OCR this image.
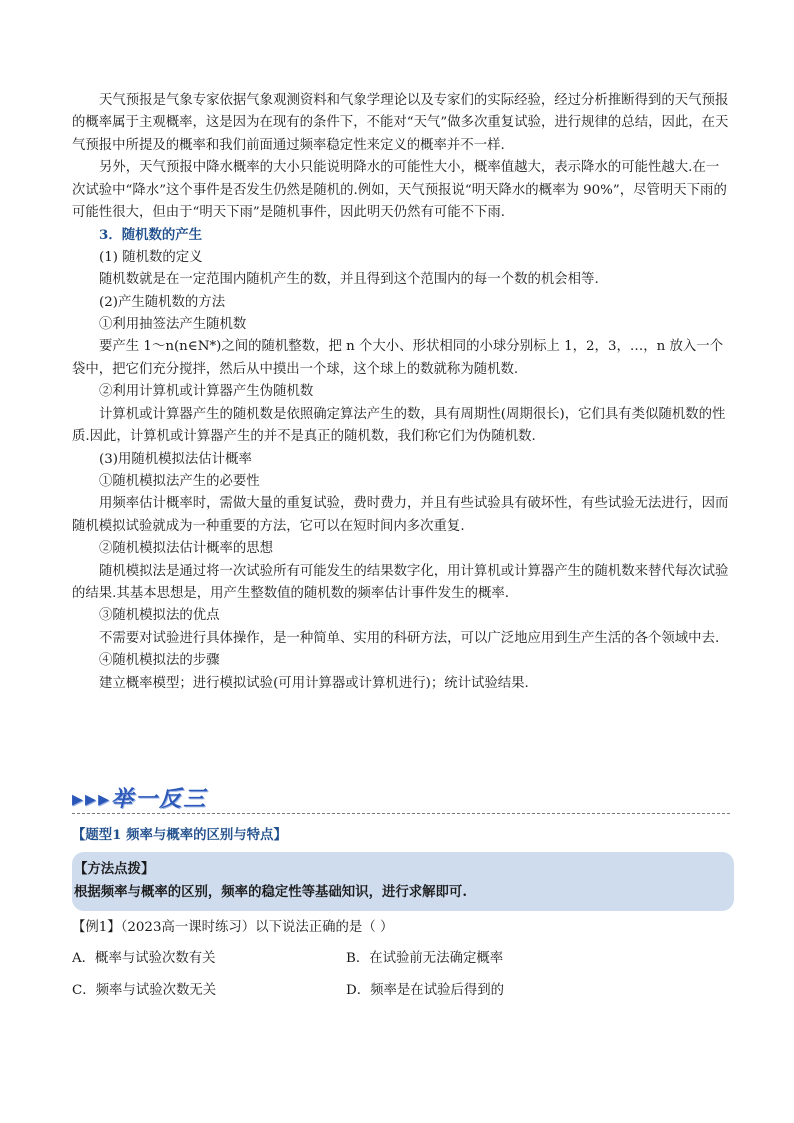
天气预报是气象专家依据气象观测资料和气象学理论以及专家们的实际经验，经过分析推断得到的天气预报的概率属于主观概率，这是因为在现有的条件下，不能对“天气”做多次重复试验，进行规律的总结，因此，在天气预报中所提及的概率和我们前面通过频率稳定性来定义的概率并不一样.

另外，天气预报中降水概率的大小只能说明降水的可能性大小，概率值越大，表示降水的可能性越大.在一次试验中“降水”这个事件是否发生仍然是随机的.例如，天气预报说“明天降水的概率为 90%”，尽管明天下雨的可能性很大，但由于“明天下雨”是随机事件，因此明天仍然有可能不下雨.

3．随机数的产生

(1) 随机数的定义

随机数就是在一定范围内随机产生的数，并且得到这个范围内的每一个数的机会相等.

(2)产生随机数的方法

①利用抽签法产生随机数

要产生 1～n(n∈N*)之间的随机整数，把 n 个大小、形状相同的小球分别标上 1，2，3，…，n 放入一个袋中，把它们充分搅拌，然后从中摸出一个球，这个球上的数就称为随机数.

②利用计算机或计算器产生伪随机数

计算机或计算器产生的随机数是依照确定算法产生的数，具有周期性(周期很长)，它们具有类似随机数的性质.因此，计算机或计算器产生的并不是真正的随机数，我们称它们为伪随机数.

(3)用随机模拟法估计概率

①随机模拟法产生的必要性

用频率估计概率时，需做大量的重复试验，费时费力，并且有些试验具有破坏性，有些试验无法进行，因而随机模拟试验就成为一种重要的方法，它可以在短时间内多次重复.

②随机模拟法估计概率的思想

随机模拟法是通过将一次试验所有可能发生的结果数字化，用计算机或计算器产生的随机数来替代每次试验的结果.其基本思想是，用产生整数值的随机数的频率估计事件发生的概率.

③随机模拟法的优点

不需要对试验进行具体操作，是一种简单、实用的科研方法，可以广泛地应用到生产生活的各个领域中去.

④随机模拟法的步骤

建立概率模型；进行模拟试验(可用计算器或计算机进行)；统计试验结果.

▸▸▸举一反三

【题型1 频率与概率的区别与特点】

【方法点拨】

根据频率与概率的区别，频率的稳定性等基础知识，进行求解即可.

【例1】（2023高一课时练习）以下说法正确的是（ ）

A．概率与试验次数有关	B．在试验前无法确定概率
C．频率与试验次数无关	D．频率是在试验后得到的
